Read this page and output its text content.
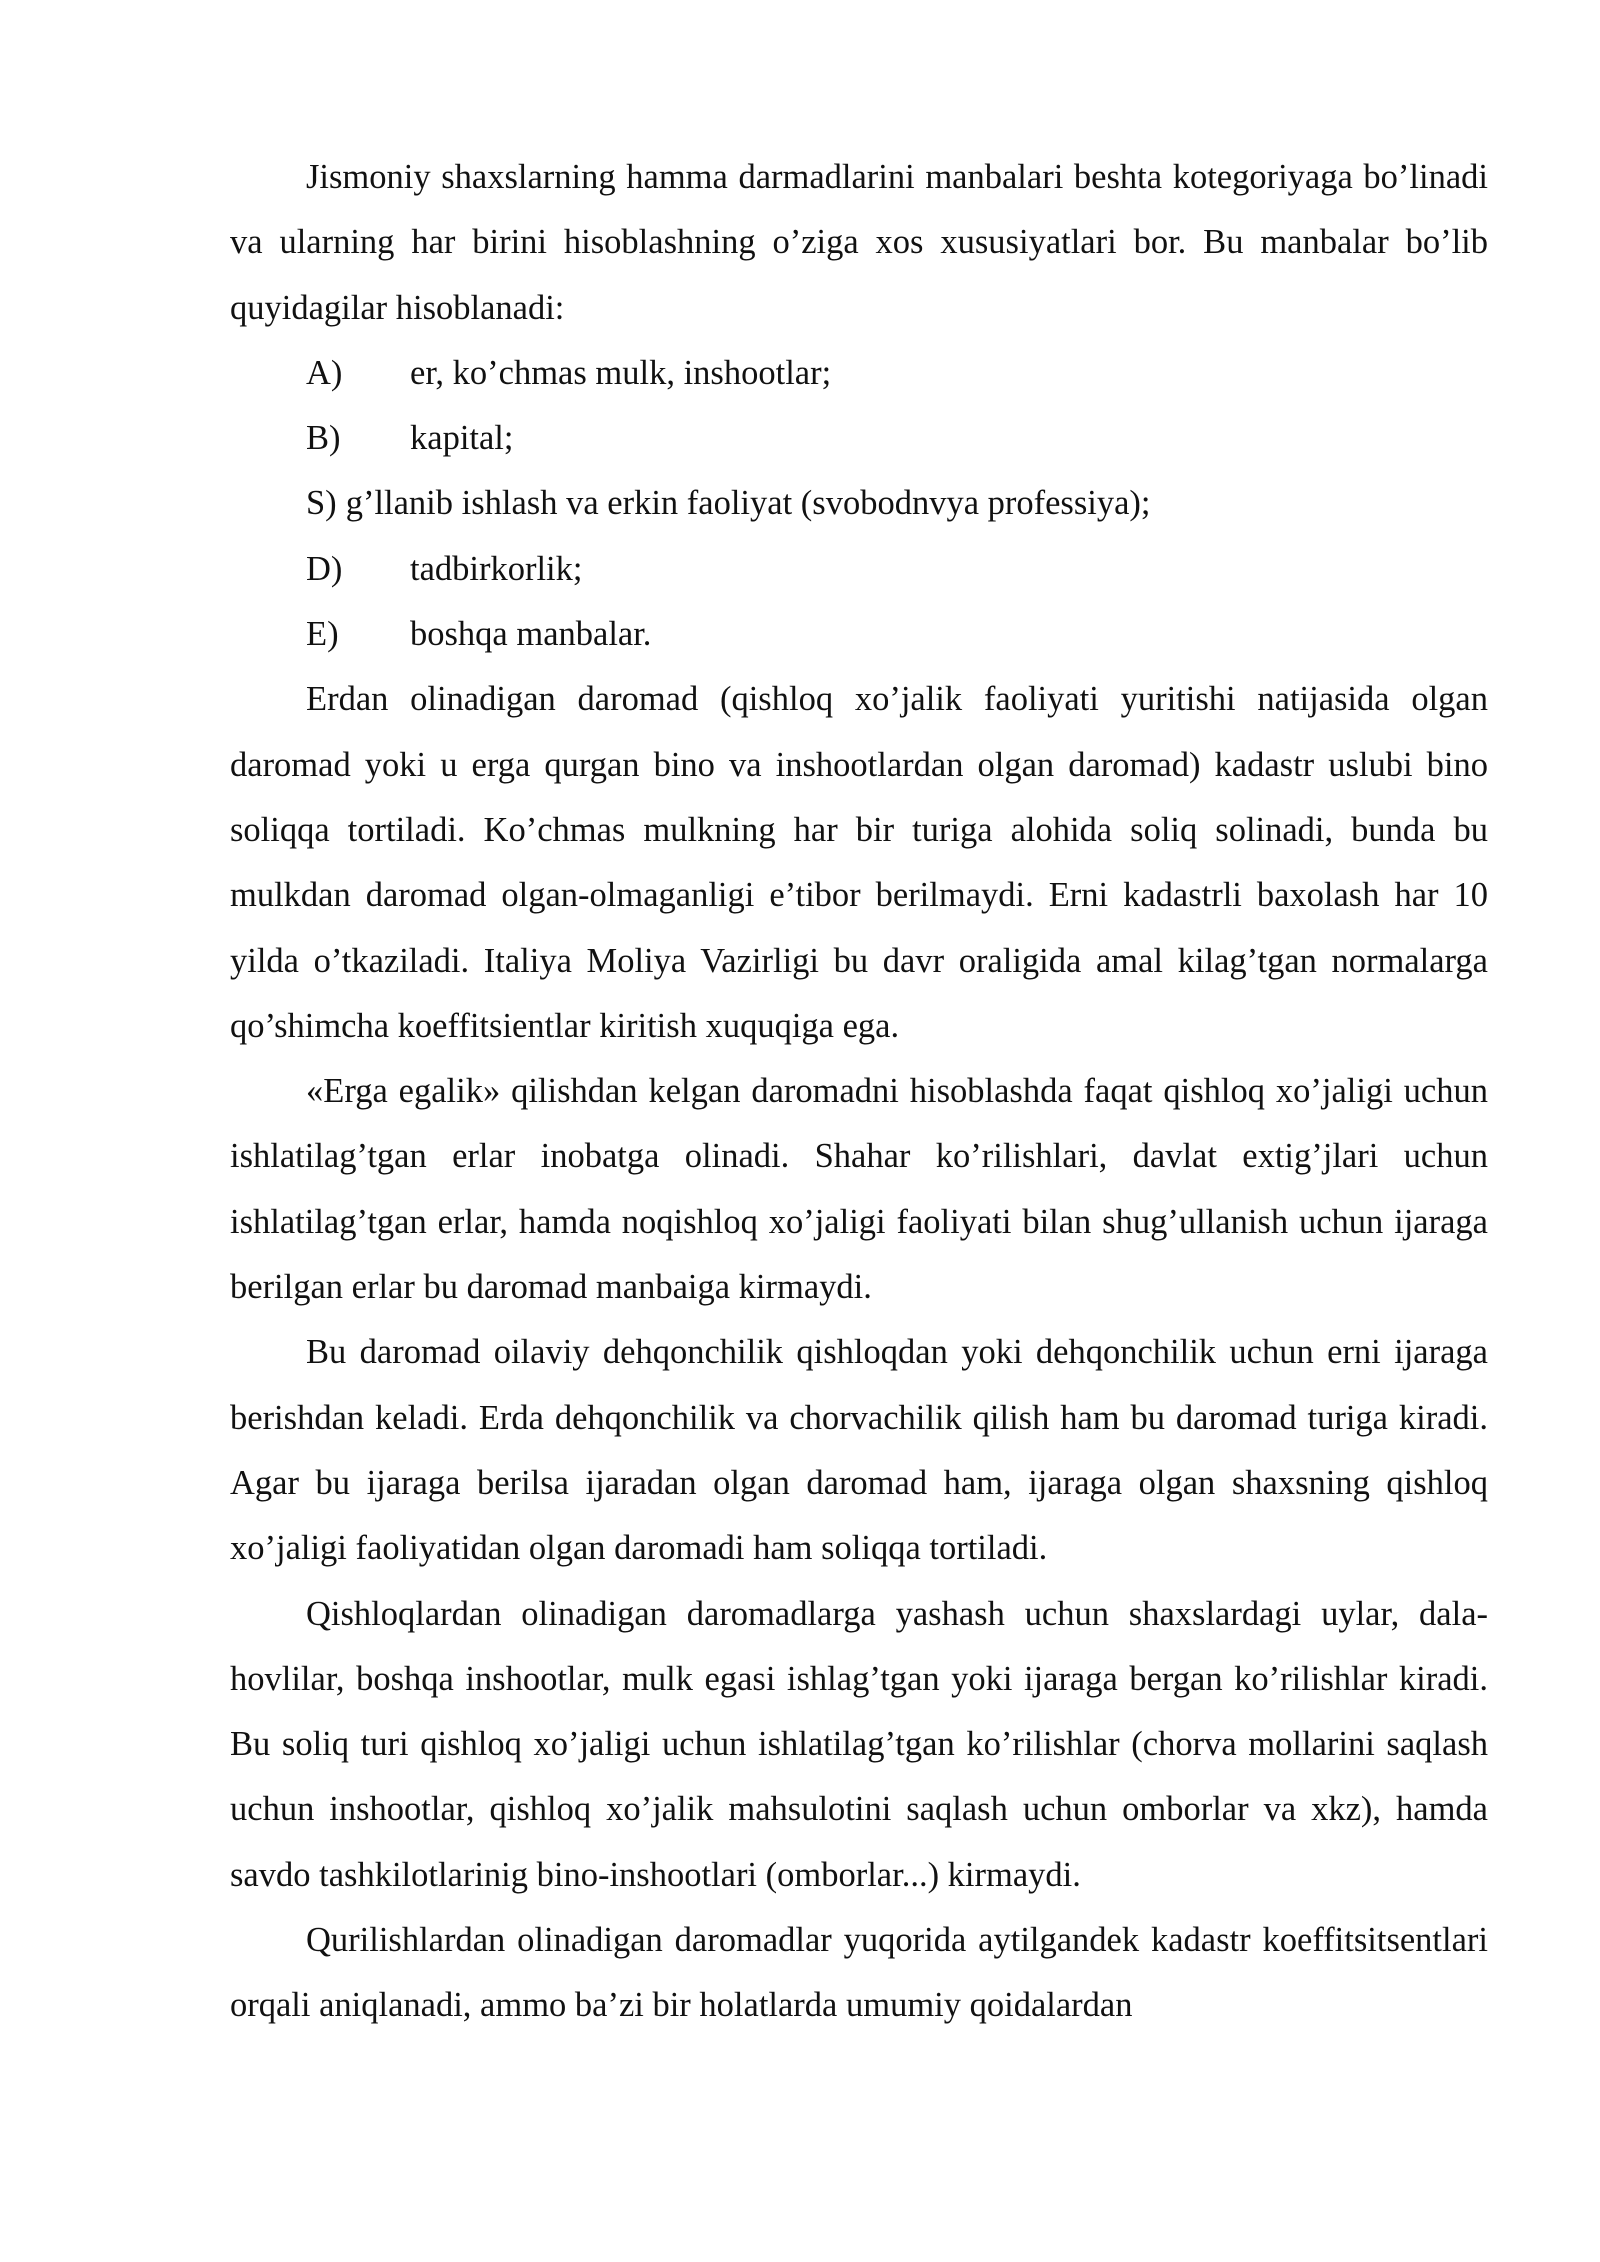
Jismoniy shaxslarning hamma darmadlarini manbalari beshta kotegoriyaga bo’linadi va ularning har birini hisoblashning o’ziga xos xususiyatlari bor. Bu manbalar bo’lib quyidagilar hisoblanadi:

A)	er, ko’chmas mulk, inshootlar;
B)	kapital;
S) g’llanib ishlash va erkin faoliyat (svobodnvya professiya);
D)	tadbirkorlik;
E)	boshqa manbalar.

Erdan olinadigan daromad (qishloq xo’jalik faoliyati yuritishi natijasida olgan daromad yoki u erga qurgan bino va inshootlardan olgan daromad) kadastr uslubi bino soliqqa tortiladi. Ko’chmas mulkning har bir turiga alohida soliq solinadi, bunda bu mulkdan daromad olgan-olmaganligi e’tibor berilmaydi. Erni kadastrli baxolash har 10 yilda o’tkaziladi. Italiya Moliya Vazirligi bu davr oraligida amal kilag’tgan normalarga qo’shimcha koeffitsientlar kiritish xuquqiga ega.

«Erga egalik» qilishdan kelgan daromadni hisoblashda faqat qishloq xo’jaligi uchun ishlatilag’tgan erlar inobatga olinadi. Shahar ko’rilishlari, davlat extig’jlari uchun ishlatilag’tgan erlar, hamda noqishloq xo’jaligi faoliyati bilan shug’ullanish uchun ijaraga berilgan erlar bu daromad manbaiga kirmaydi.

Bu daromad oilaviy dehqonchilik qishloqdan yoki dehqonchilik uchun erni ijaraga berishdan keladi. Erda dehqonchilik va chorvachilik qilish ham bu daromad turiga kiradi. Agar bu ijaraga berilsa ijaradan olgan daromad ham, ijaraga olgan shaxsning qishloq xo’jaligi faoliyatidan olgan daromadi ham soliqqa tortiladi.

Qishloqlardan olinadigan daromadlarga yashash uchun shaxslardagi uylar, dala-hovlilar, boshqa inshootlar, mulk egasi ishlag’tgan yoki ijaraga bergan ko’rilishlar kiradi. Bu soliq turi qishloq xo’jaligi uchun ishlatilag’tgan ko’rilishlar (chorva mollarini saqlash uchun inshootlar, qishloq xo’jalik mahsulotini saqlash uchun omborlar va xkz), hamda savdo tashkilotlarinig bino-inshootlari (omborlar...) kirmaydi.

Qurilishlardan olinadigan daromadlar yuqorida aytilgandek kadastr koeffitsitsentlari orqali aniqlanadi, ammo ba’zi bir holatlarda umumiy qoidalardan
